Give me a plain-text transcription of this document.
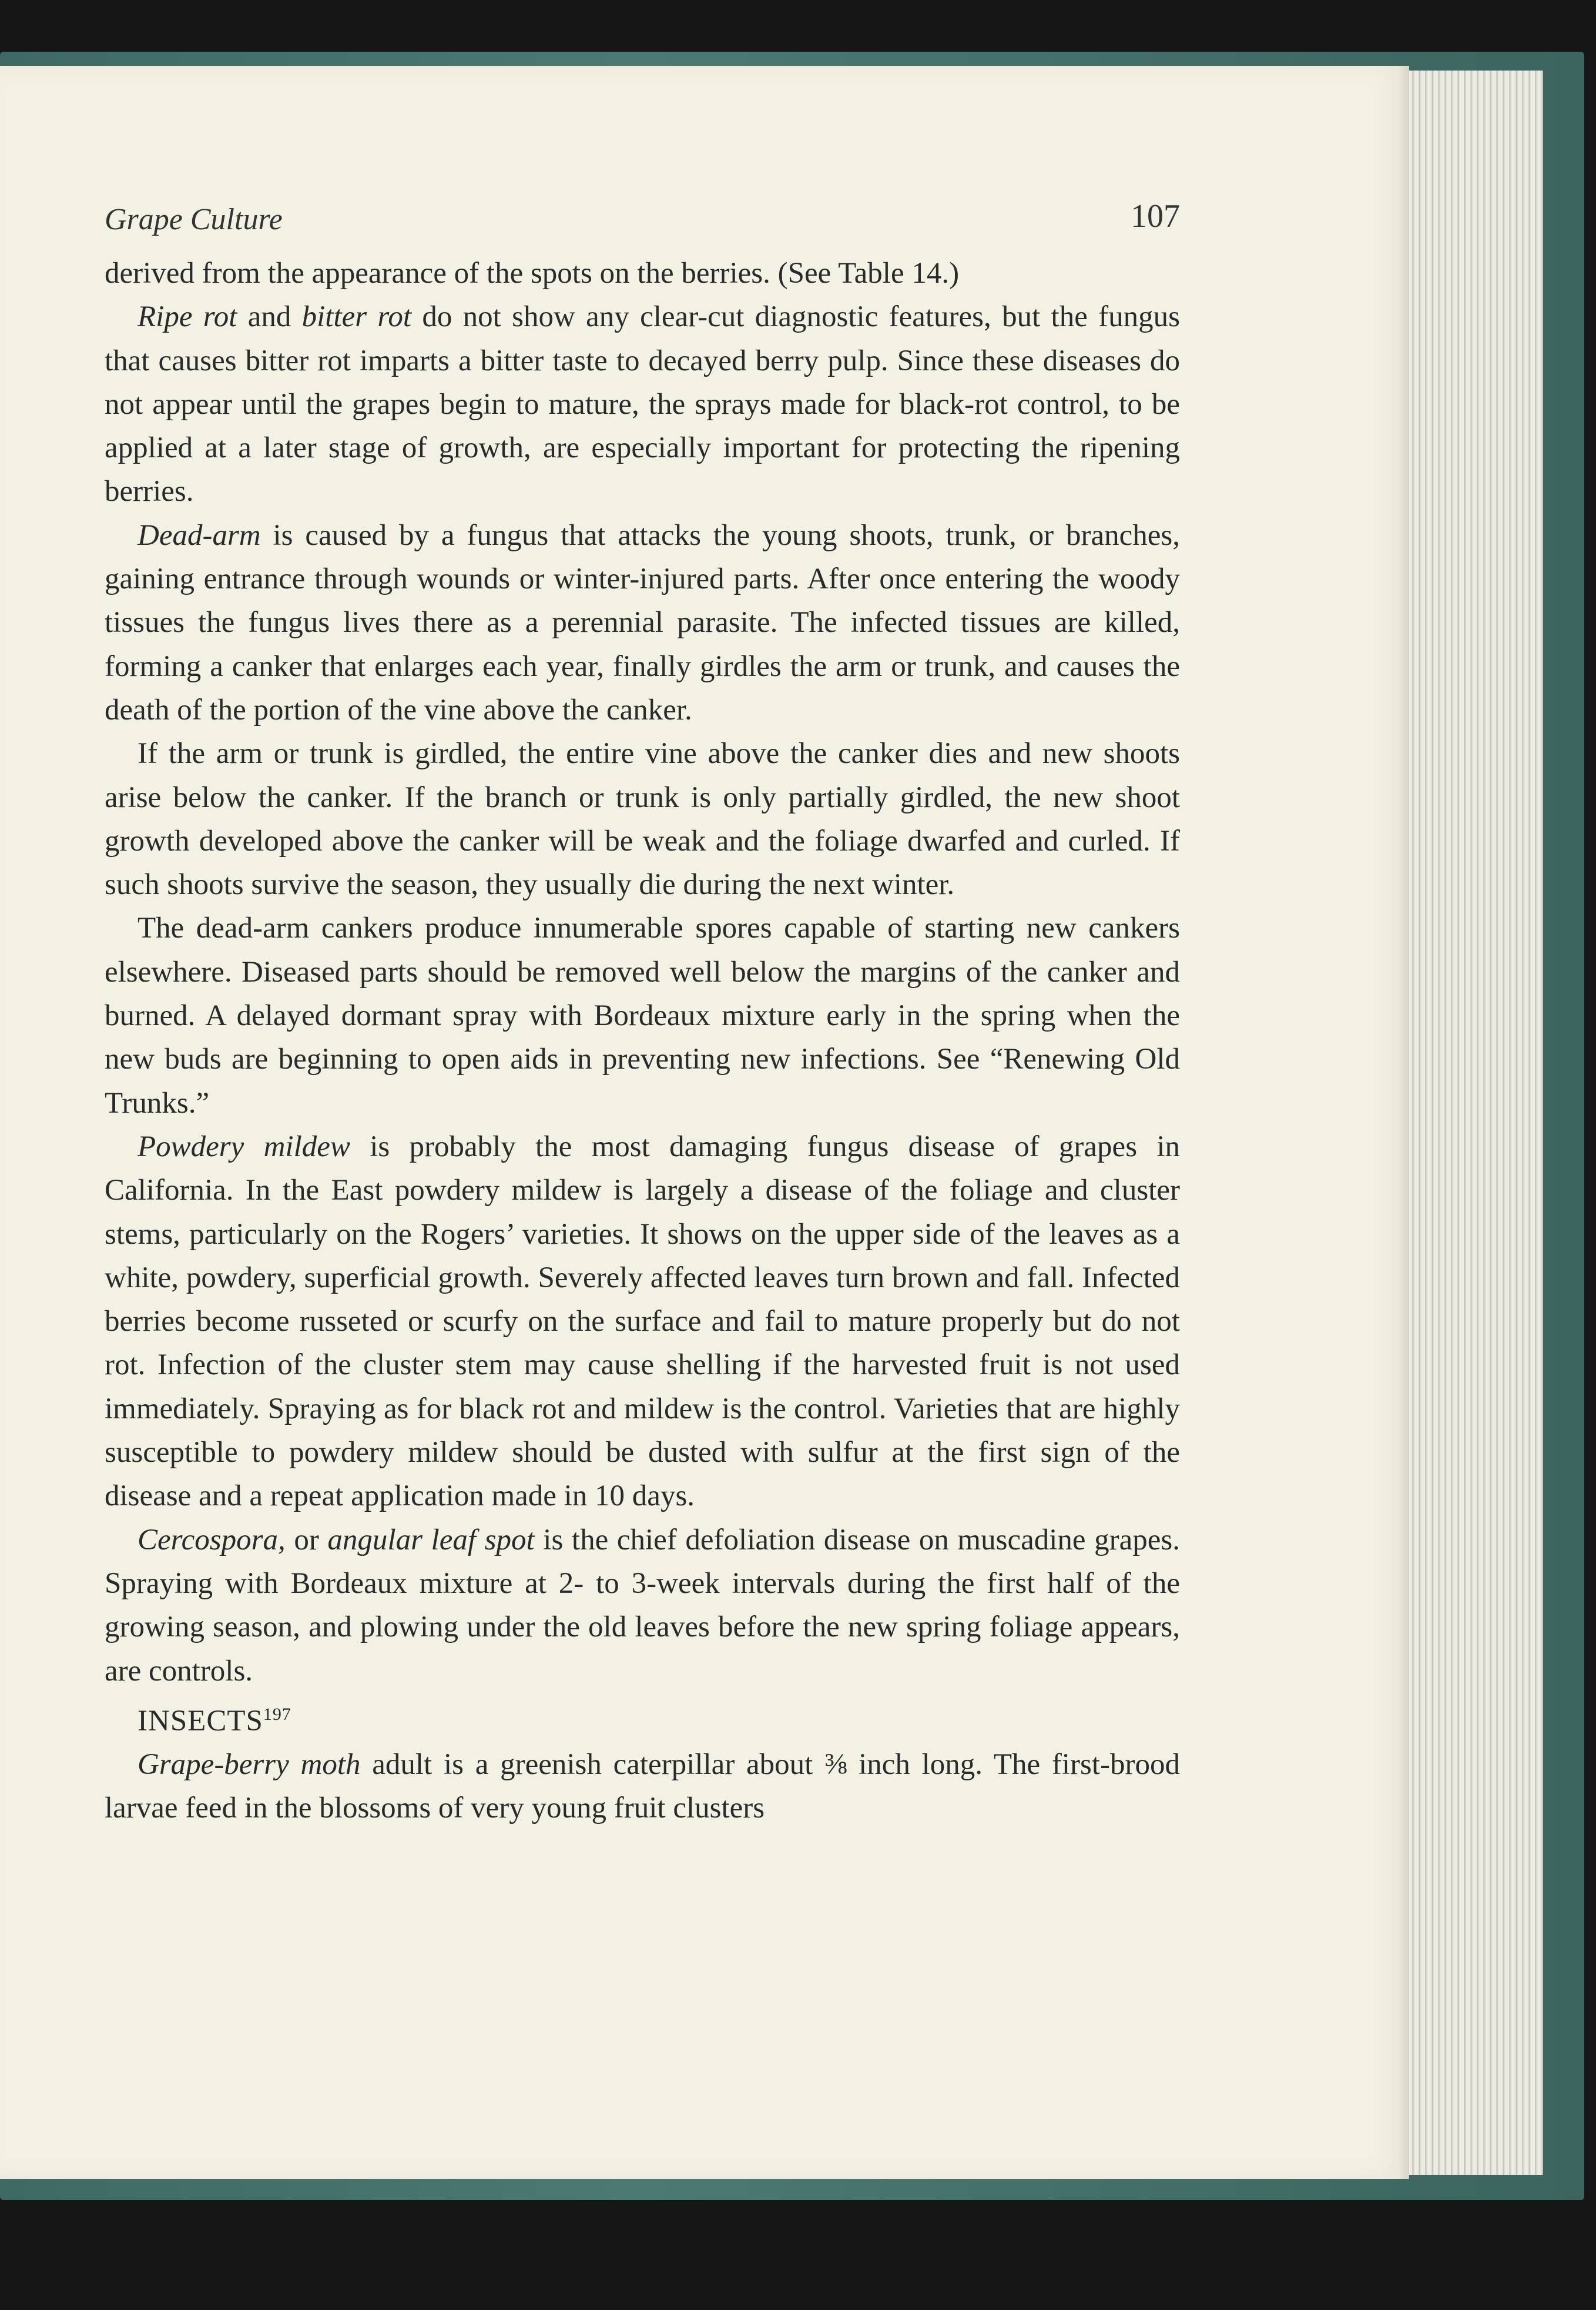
Grape Culture	107

derived from the appearance of the spots on the berries. (See Table 14.)

Ripe rot and bitter rot do not show any clear-cut diagnostic features, but the fungus that causes bitter rot imparts a bitter taste to decayed berry pulp. Since these diseases do not appear until the grapes begin to mature, the sprays made for black-rot control, to be applied at a later stage of growth, are especially important for protecting the ripening berries.

Dead-arm is caused by a fungus that attacks the young shoots, trunk, or branches, gaining entrance through wounds or winter-injured parts. After once entering the woody tissues the fungus lives there as a perennial parasite. The infected tissues are killed, forming a canker that enlarges each year, finally girdles the arm or trunk, and causes the death of the portion of the vine above the canker.

If the arm or trunk is girdled, the entire vine above the canker dies and new shoots arise below the canker. If the branch or trunk is only partially girdled, the new shoot growth developed above the canker will be weak and the foliage dwarfed and curled. If such shoots survive the season, they usually die during the next winter.

The dead-arm cankers produce innumerable spores capable of starting new cankers elsewhere. Diseased parts should be removed well below the margins of the canker and burned. A delayed dormant spray with Bordeaux mixture early in the spring when the new buds are beginning to open aids in preventing new infections. See “Renewing Old Trunks.”

Powdery mildew is probably the most damaging fungus disease of grapes in California. In the East powdery mildew is largely a disease of the foliage and cluster stems, particularly on the Rogers’ varieties. It shows on the upper side of the leaves as a white, powdery, superficial growth. Severely affected leaves turn brown and fall. Infected berries become russeted or scurfy on the surface and fail to mature properly but do not rot. Infection of the cluster stem may cause shelling if the harvested fruit is not used immediately. Spraying as for black rot and mildew is the control. Varieties that are highly susceptible to powdery mildew should be dusted with sulfur at the first sign of the disease and a repeat application made in 10 days.

Cercospora, or angular leaf spot is the chief defoliation disease on muscadine grapes. Spraying with Bordeaux mixture at 2- to 3-week intervals during the first half of the growing season, and plowing under the old leaves before the new spring foliage appears, are controls.

INSECTS$^{197}$

Grape-berry moth adult is a greenish caterpillar about ⅜ inch long. The first-brood larvae feed in the blossoms of very young fruit clusters
